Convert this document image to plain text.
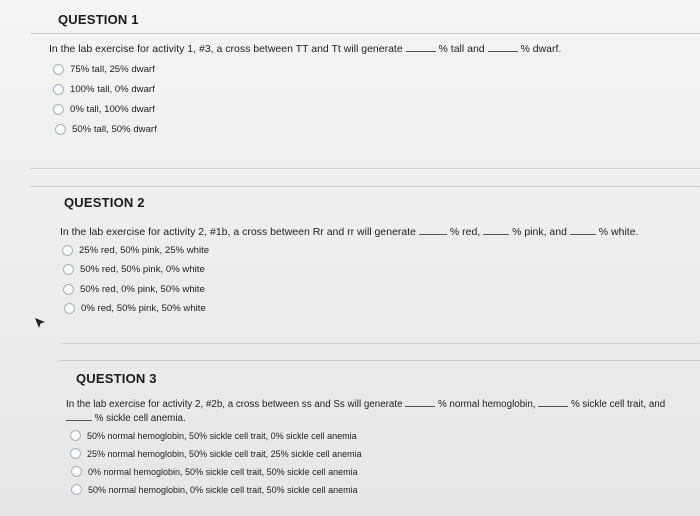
QUESTION 1
In the lab exercise for activity 1, #3, a cross between TT and Tt will generate	% tall and	% dwarf.
75% tall, 25% dwarf
100% tall, 0% dwarf
0% tall, 100% dwarf
50% tall, 50% dwarf
QUESTION 2
In the lab exercise for activity 2, #1b, a cross between Rr and rr will generate	% red,	% pink, and	% white.
25% red, 50% pink, 25% white
50% red, 50% pink, 0% white
50% red, 0% pink, 50% white
0% red, 50% pink, 50% white
QUESTION 3
In the lab exercise for activity 2, #2b, a cross between ss and Ss will generate	% normal hemoglobin,	% sickle cell trait, and
% sickle cell anemia.
50% normal hemoglobin, 50% sickle cell trait, 0% sickle cell anemia
25% normal hemoglobin, 50% sickle cell trait, 25% sickle cell anemia
0% normal hemoglobin, 50% sickle cell trait, 50% sickle cell anemia
50% normal hemoglobin, 0% sickle cell trait, 50% sickle cell anemia
